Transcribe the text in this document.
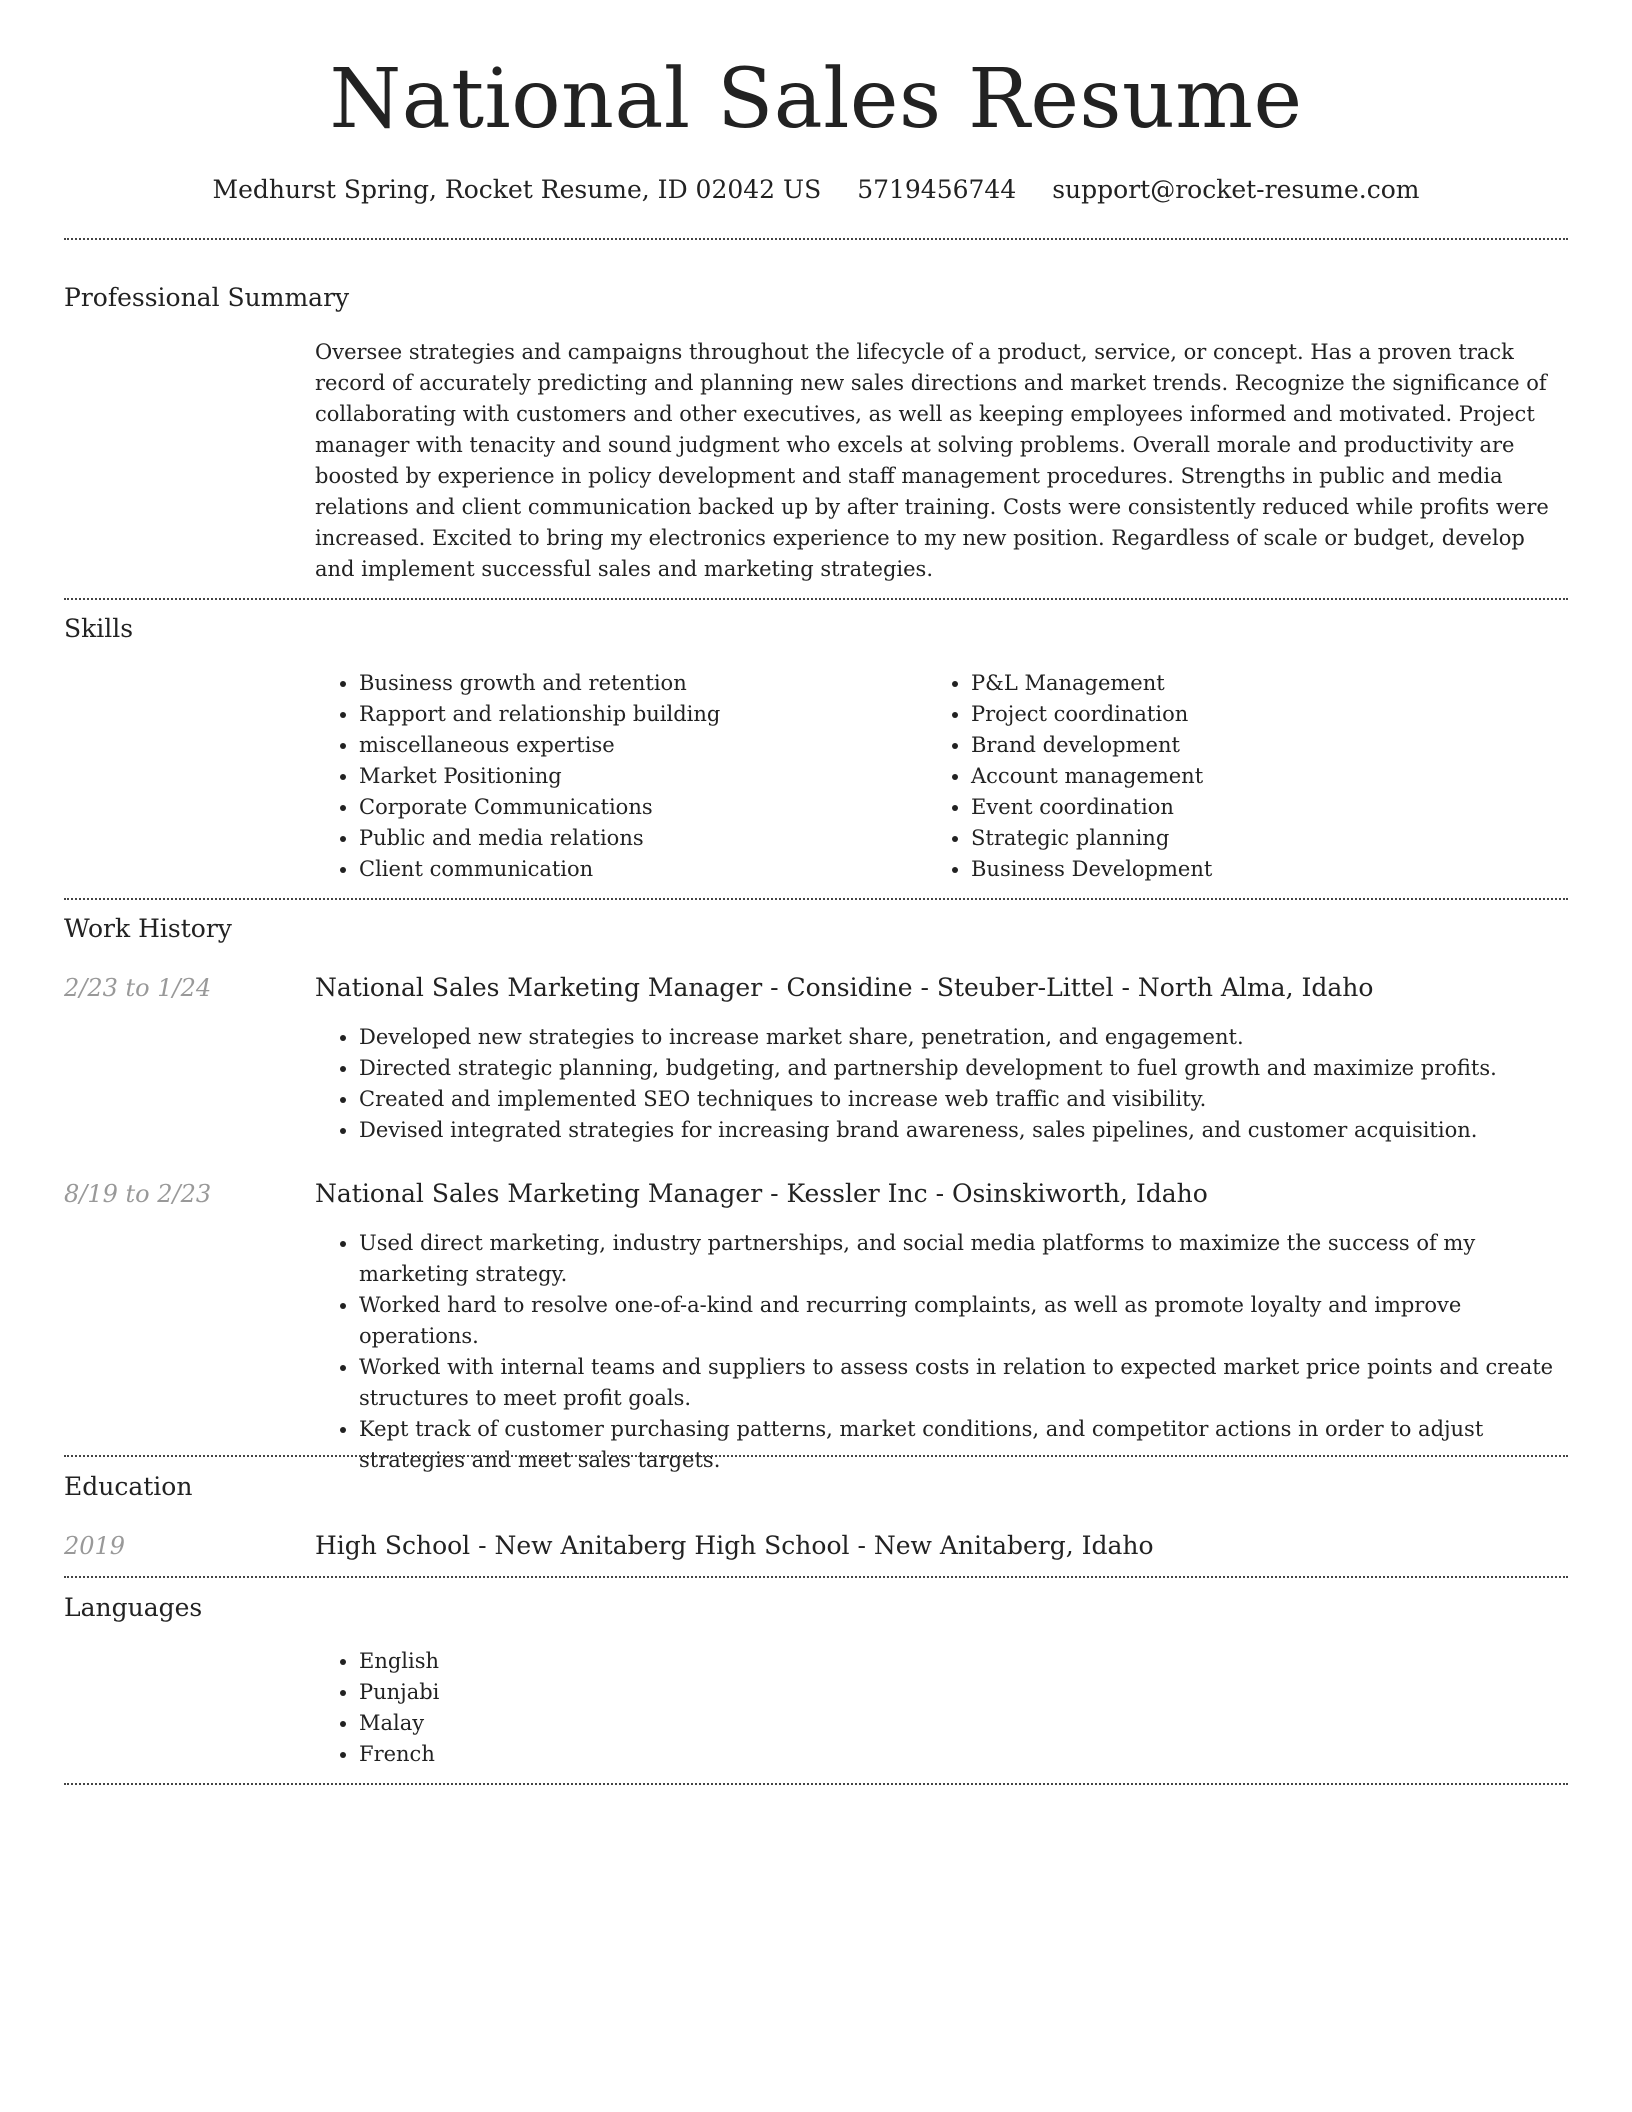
National Sales Resume
Medhurst Spring, Rocket Resume, ID 02042 US 5719456744 support@rocket-resume.com
Professional Summary

Oversee strategies and campaigns throughout the lifecycle of a product, service, or concept. Has a proven track record of accurately predicting and planning new sales directions and market trends. Recognize the significance of collaborating with customers and other executives, as well as keeping employees informed and motivated. Project manager with tenacity and sound judgment who excels at solving problems. Overall morale and productivity are boosted by experience in policy development and staff management procedures. Strengths in public and media relations and client communication backed up by after training. Costs were consistently reduced while profits were increased. Excited to bring my electronics experience to my new position. Regardless of scale or budget, develop and implement successful sales and marketing strategies.

Skills
• Business growth and retention
• Rapport and relationship building
• miscellaneous expertise
• Market Positioning
• Corporate Communications
• Public and media relations
• Client communication
• P&L Management
• Project coordination
• Brand development
• Account management
• Event coordination
• Strategic planning
• Business Development
Work History
2/23 to 1/24	National Sales Marketing Manager - Considine - Steuber-Littel - North Alma, Idaho
• Developed new strategies to increase market share, penetration, and engagement.
• Directed strategic planning, budgeting, and partnership development to fuel growth and maximize profits.
• Created and implemented SEO techniques to increase web traffic and visibility.
• Devised integrated strategies for increasing brand awareness, sales pipelines, and customer acquisition.
8/19 to 2/23	National Sales Marketing Manager - Kessler Inc - Osinskiworth, Idaho
• Used direct marketing, industry partnerships, and social media platforms to maximize the success of my marketing strategy.
• Worked hard to resolve one-of-a-kind and recurring complaints, as well as promote loyalty and improve operations.
• Worked with internal teams and suppliers to assess costs in relation to expected market price points and create structures to meet profit goals.
• Kept track of customer purchasing patterns, market conditions, and competitor actions in order to adjust strategies and meet sales targets.
Education
2019	High School - New Anitaberg High School - New Anitaberg, Idaho
Languages
• English
• Punjabi
• Malay
• French
